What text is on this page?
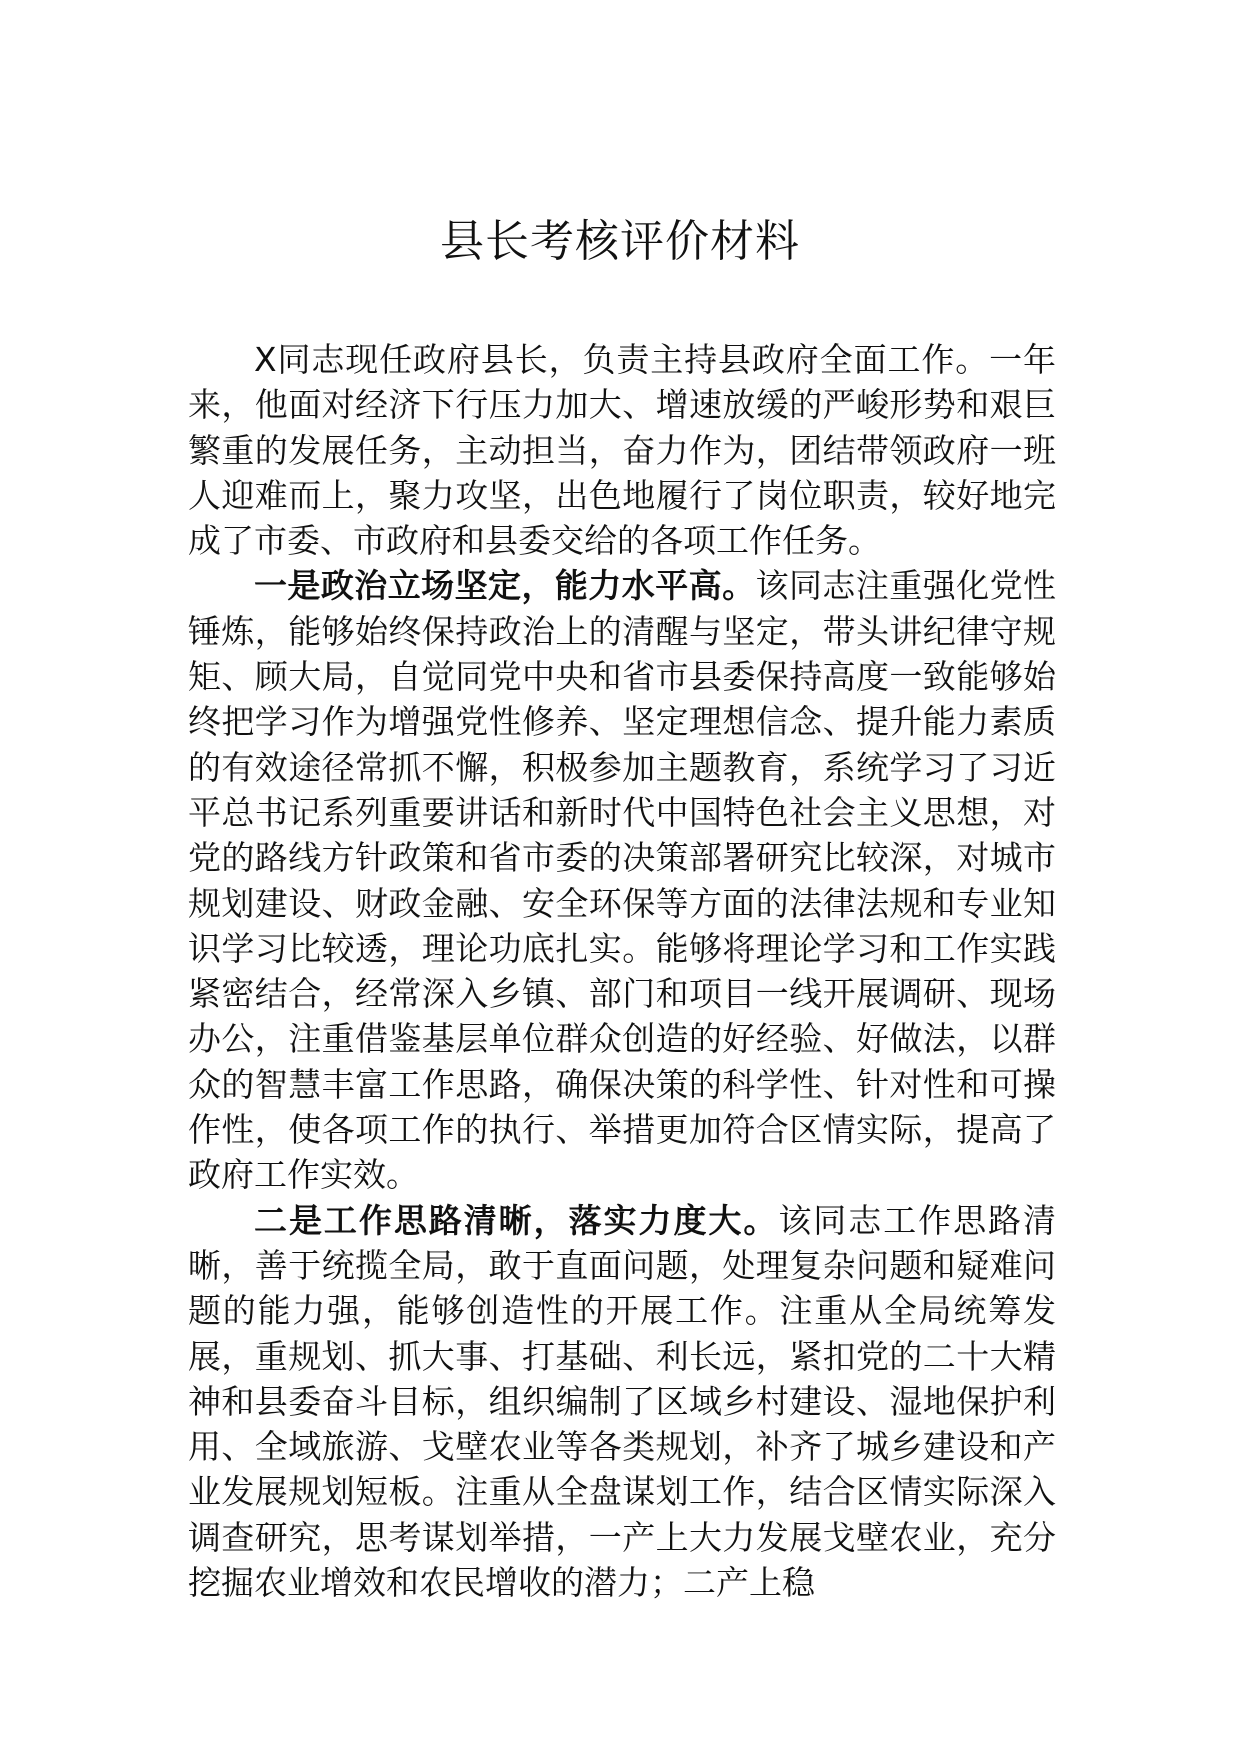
县长考核评价材料

X同志现任政府县长，负责主持县政府全面工作。一年来，他面对经济下行压力加大、增速放缓的严峻形势和艰巨繁重的发展任务，主动担当，奋力作为，团结带领政府一班人迎难而上，聚力攻坚，出色地履行了岗位职责，较好地完成了市委、市政府和县委交给的各项工作任务。

一是政治立场坚定，能力水平高。该同志注重强化党性锤炼，能够始终保持政治上的清醒与坚定，带头讲纪律守规矩、顾大局，自觉同党中央和省市县委保持高度一致能够始终把学习作为增强党性修养、坚定理想信念、提升能力素质的有效途径常抓不懈，积极参加主题教育，系统学习了习近平总书记系列重要讲话和新时代中国特色社会主义思想，对党的路线方针政策和省市委的决策部署研究比较深，对城市规划建设、财政金融、安全环保等方面的法律法规和专业知识学习比较透，理论功底扎实。能够将理论学习和工作实践紧密结合，经常深入乡镇、部门和项目一线开展调研、现场办公，注重借鉴基层单位群众创造的好经验、好做法，以群众的智慧丰富工作思路，确保决策的科学性、针对性和可操作性，使各项工作的执行、举措更加符合区情实际，提高了政府工作实效。

二是工作思路清晰，落实力度大。该同志工作思路清晰，善于统揽全局，敢于直面问题，处理复杂问题和疑难问题的能力强，能够创造性的开展工作。注重从全局统筹发展，重规划、抓大事、打基础、利长远，紧扣党的二十大精神和县委奋斗目标，组织编制了区域乡村建设、湿地保护利用、全域旅游、戈壁农业等各类规划，补齐了城乡建设和产业发展规划短板。注重从全盘谋划工作，结合区情实际深入调查研究，思考谋划举措，一产上大力发展戈壁农业，充分挖掘农业增效和农民增收的潜力；二产上稳
